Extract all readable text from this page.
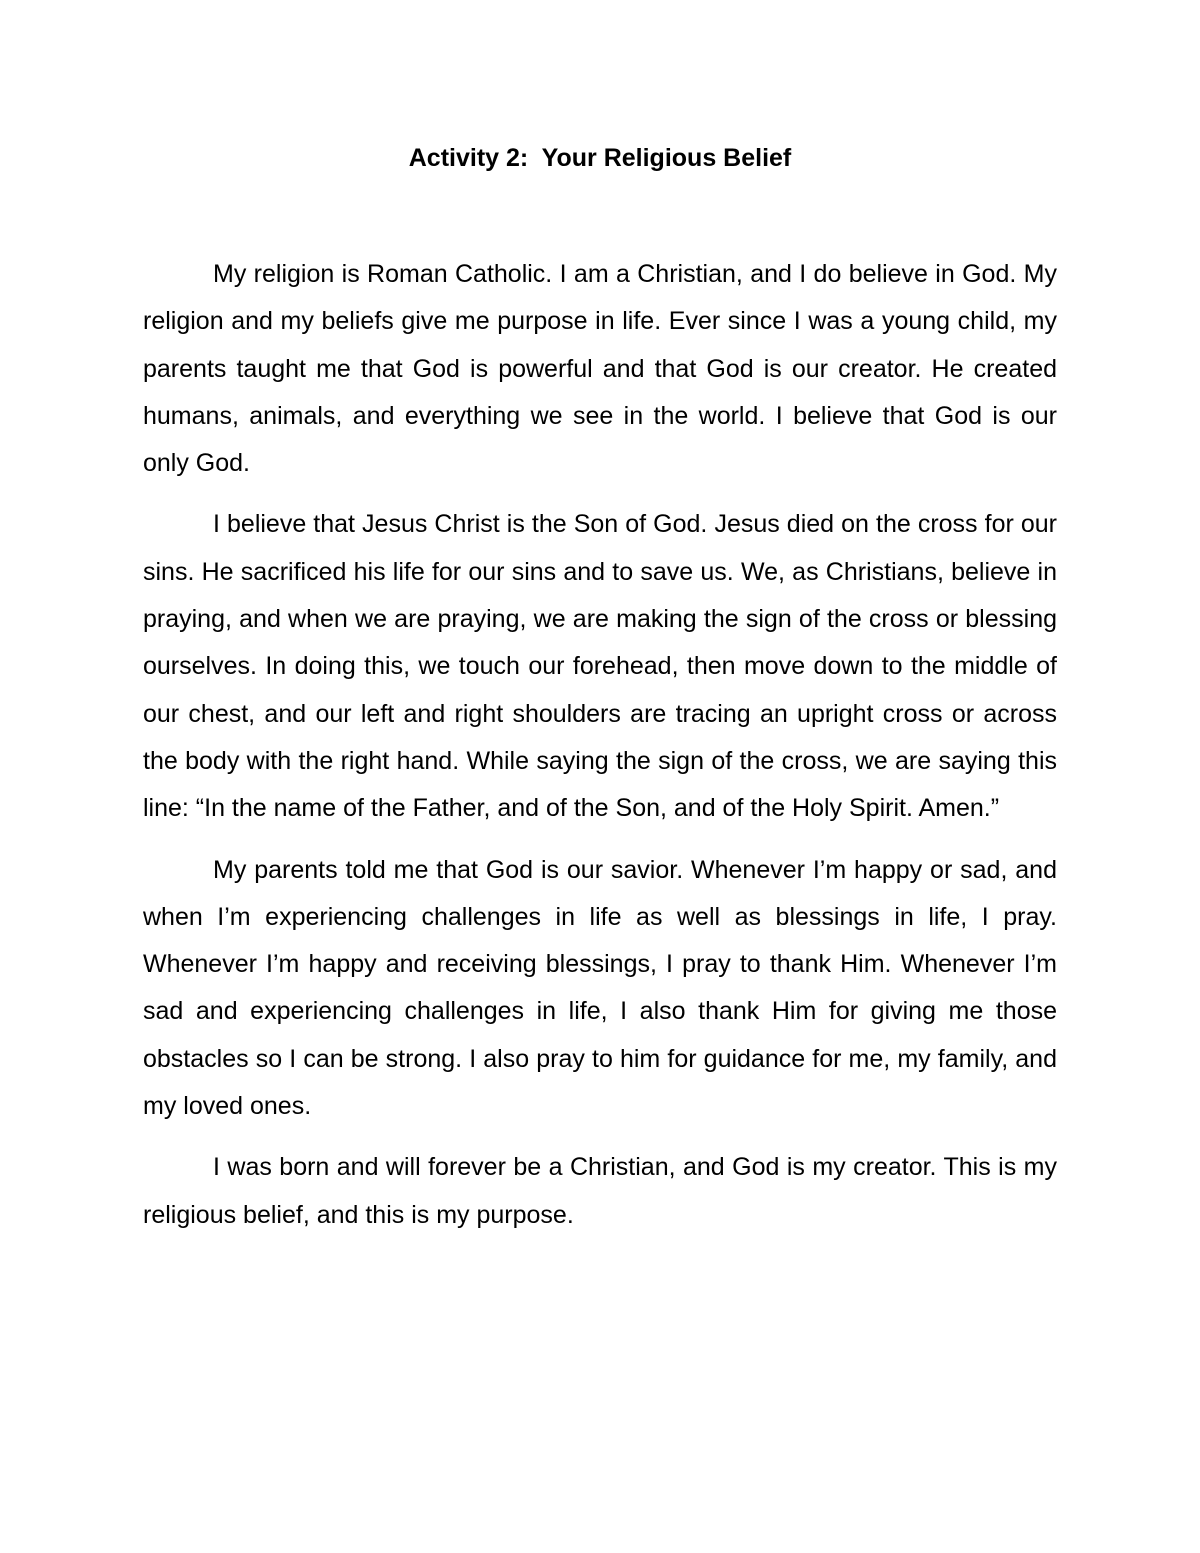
Activity 2:  Your Religious Belief

My religion is Roman Catholic. I am a Christian, and I do believe in God. My religion and my beliefs give me purpose in life. Ever since I was a young child, my parents taught me that God is powerful and that God is our creator. He created humans, animals, and everything we see in the world. I believe that God is our only God.

I believe that Jesus Christ is the Son of God. Jesus died on the cross for our sins. He sacrificed his life for our sins and to save us. We, as Christians, believe in praying, and when we are praying, we are making the sign of the cross or blessing ourselves. In doing this, we touch our forehead, then move down to the middle of our chest, and our left and right shoulders are tracing an upright cross or across the body with the right hand. While saying the sign of the cross, we are saying this line: “In the name of the Father, and of the Son, and of the Holy Spirit. Amen.”

My parents told me that God is our savior. Whenever I’m happy or sad, and when I’m experiencing challenges in life as well as blessings in life, I pray. Whenever I’m happy and receiving blessings, I pray to thank Him. Whenever I’m sad and experiencing challenges in life, I also thank Him for giving me those obstacles so I can be strong. I also pray to him for guidance for me, my family, and my loved ones.

I was born and will forever be a Christian, and God is my creator. This is my religious belief, and this is my purpose.
